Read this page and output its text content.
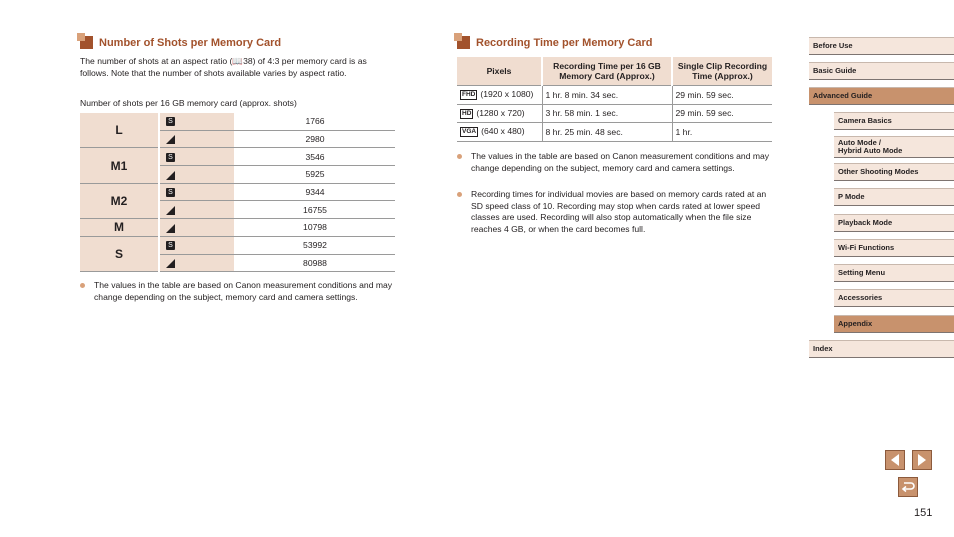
Number of Shots per Memory Card
The number of shots at an aspect ratio (📖38) of 4:3 per memory card is as follows. Note that the number of shots available varies by aspect ratio.
Number of shots per 16 GB memory card (approx. shots)
L	S	1766
		2980
M1	S	3546
		5925
M2	S	9344
		16755
M		10798
S	S	53992
		80988
The values in the table are based on Canon measurement conditions and may change depending on the subject, memory card and camera settings.
Recording Time per Memory Card
Pixels	Recording Time per 16 GB Memory Card (Approx.)	Single Clip Recording Time (Approx.)
FHD (1920 x 1080)	1 hr. 8 min. 34 sec.	29 min. 59 sec.
HD (1280 x 720)	3 hr. 58 min. 1 sec.	29 min. 59 sec.
VGA (640 x 480)	8 hr. 25 min. 48 sec.	1 hr.
The values in the table are based on Canon measurement conditions and may change depending on the subject, memory card and camera settings.
Recording times for individual movies are based on memory cards rated at an SD speed class of 10. Recording may stop when cards rated at lower speed classes are used. Recording will also stop automatically when the file size reaches 4 GB, or when the card becomes full.
Before Use
Basic Guide
Advanced Guide
Camera Basics
Auto Mode /
Hybrid Auto Mode
Other Shooting Modes
P Mode
Playback Mode
Wi-Fi Functions
Setting Menu
Accessories
Appendix
Index
151
